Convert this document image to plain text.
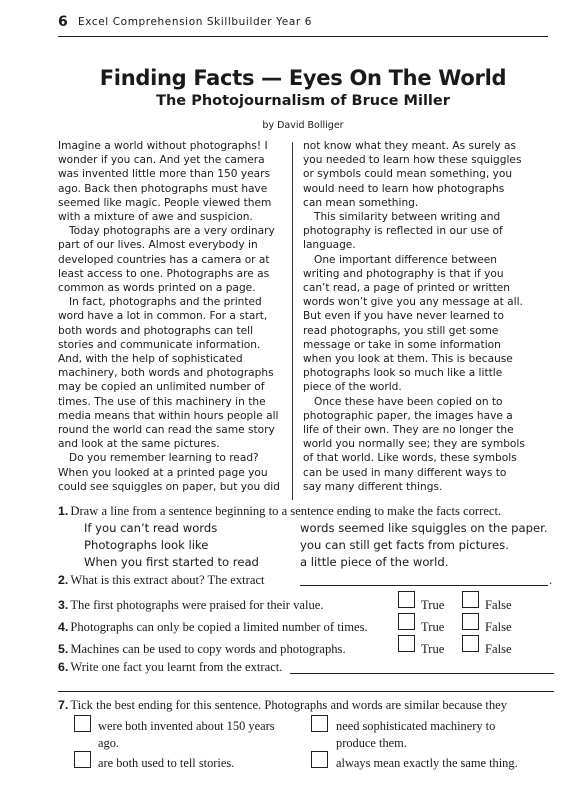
6 Excel Comprehension Skillbuilder Year 6
Finding Facts — Eyes On The World
The Photojournalism of Bruce Miller
by David Bolliger

Imagine a world without photographs! I wonder if you can. And yet the camera was invented little more than 150 years ago. Back then photographs must have seemed like magic. People viewed them with a mixture of awe and suspicion.

Today photographs are a very ordinary part of our lives. Almost everybody in developed countries has a camera or at least access to one. Photographs are as common as words printed on a page.

In fact, photographs and the printed word have a lot in common. For a start, both words and photographs can tell stories and communicate information. And, with the help of sophisticated machinery, both words and photographs may be copied an unlimited number of times. The use of this machinery in the media means that within hours people all round the world can read the same story and look at the same pictures.

Do you remember learning to read? When you looked at a printed page you could see squiggles on paper, but you did

not know what they meant. As surely as you needed to learn how these squiggles or symbols could mean something, you would need to learn how photographs can mean something.

This similarity between writing and photography is reflected in our use of language.

One important difference between writing and photography is that if you can’t read, a page of printed or written words won’t give you any message at all. But even if you have never learned to read photographs, you still get some message or take in some information when you look at them. This is because photographs look so much like a little piece of the world.

Once these have been copied on to photographic paper, the images have a life of their own. They are no longer the world you normally see; they are symbols of that world. Like words, these symbols can be used in many different ways to say many different things.

1. Draw a line from a sentence beginning to a sentence ending to make the facts correct.
If you can’t read words
Photographs look like
When you first started to read
words seemed like squiggles on the paper.
you can still get facts from pictures.
a little piece of the world.
2. What is this extract about? The extract	.
3. The first photographs were praised for their value.	True	False
4. Photographs can only be copied a limited number of times.	True	False
5. Machines can be used to copy words and photographs.	True	False
6. Write one fact you learnt from the extract.
7. Tick the best ending for this sentence. Photographs and words are similar because they
were both invented about 150 years ago.
need sophisticated machinery to produce them.
are both used to tell stories.	always mean exactly the same thing.
